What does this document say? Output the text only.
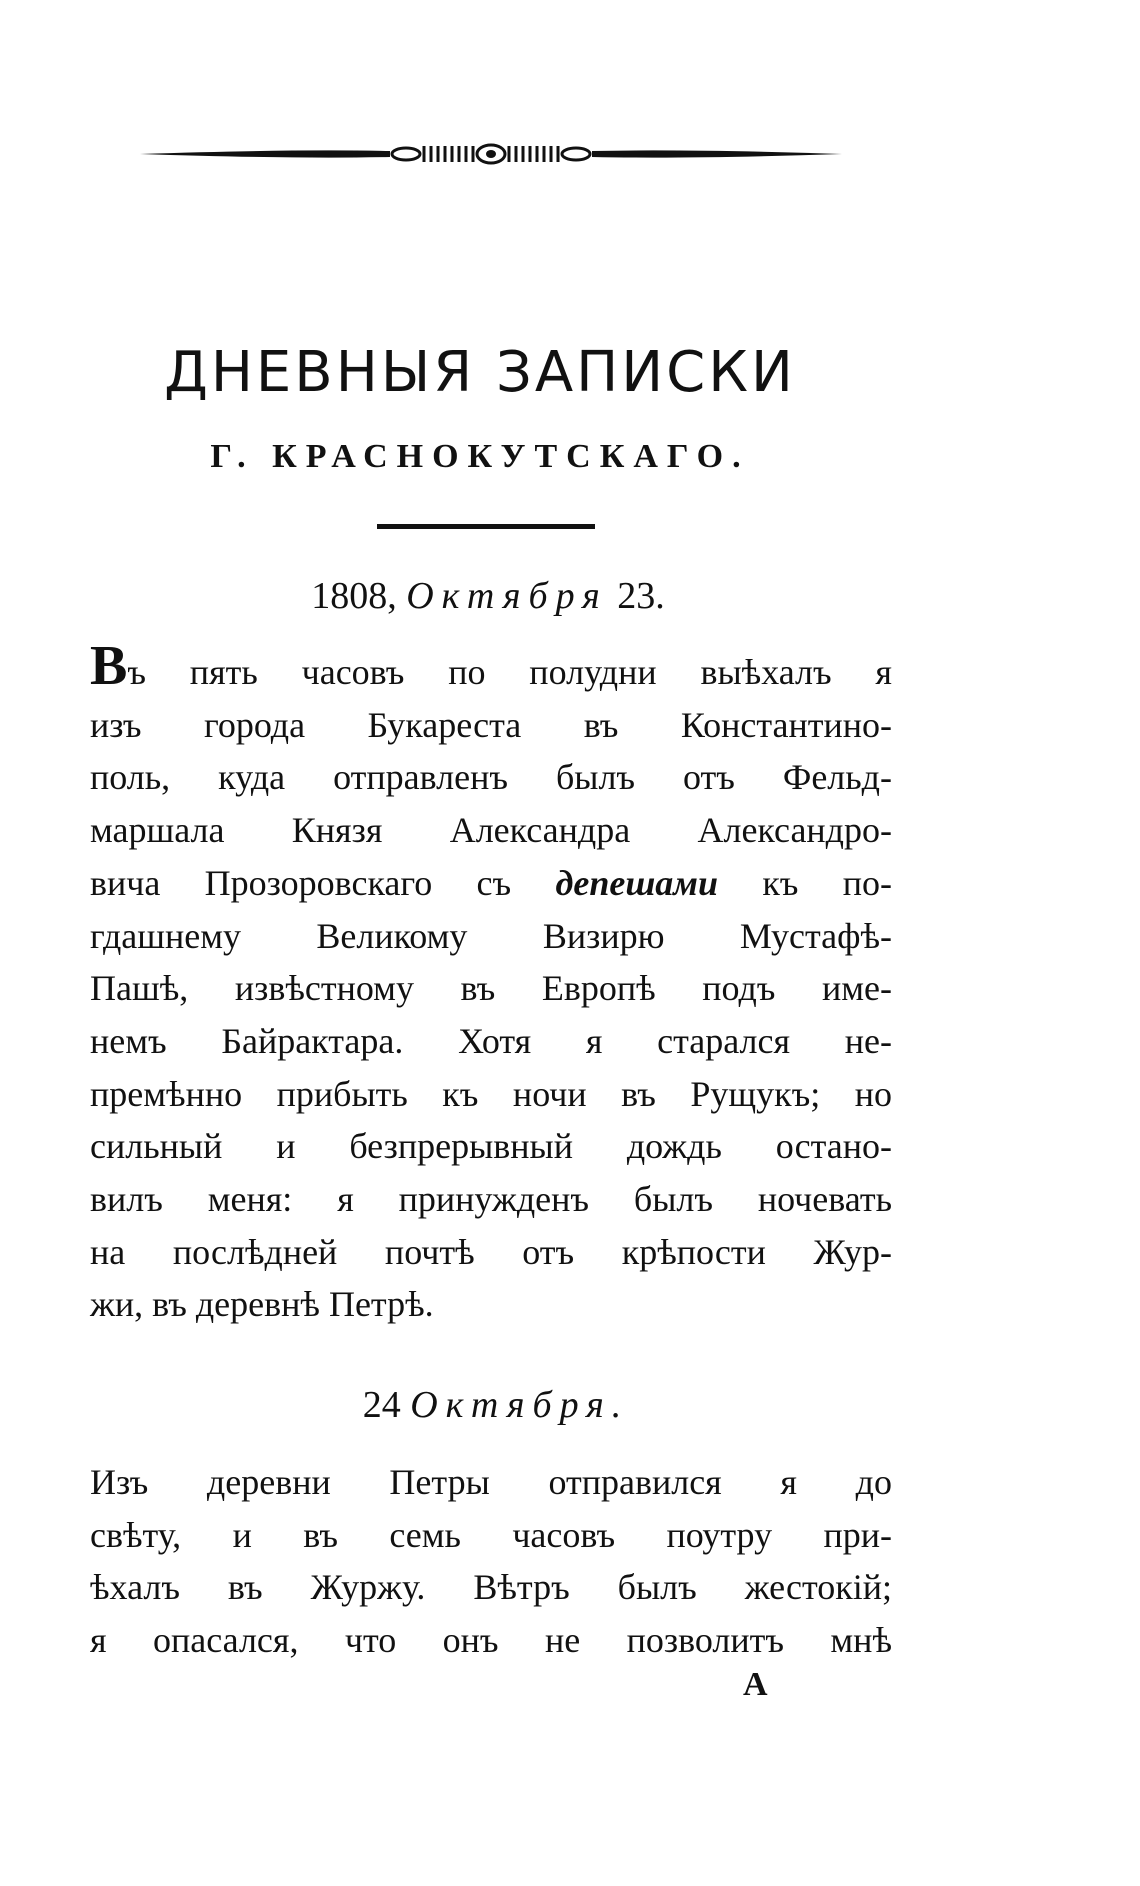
ДНЕВНЫЯ ЗАПИСКИ
Г. КРАСНОКУТСКАГО.

1808, Октября 23.

Въ пять часовъ по полудни выѣхалъ я
изъ города Букареста въ Константино-
поль, куда отправленъ былъ отъ Фельд-
маршала Князя Александра Александро-
вича Прозоровскаго съ депешами къ по-
гдашнему Великому Визирю Мустафѣ-
Пашѣ, извѣстному въ Европѣ подъ име-
немъ Байрактара. Хотя я старался не-
премѣнно прибыть къ ночи въ Рущукъ; но
сильный и безпрерывный дождь остано-
вилъ меня: я принужденъ былъ ночевать
на послѣдней почтѣ отъ крѣпости Жур-
жи, въ деревнѣ Петрѣ.

24 Октября.

Изъ деревни Петры отправился я до
свѣту, и въ семь часовъ поутру при-
ѣхалъ въ Журжу. Вѣтръ былъ жестокій;
я опасался, что онъ не позволитъ мнѣ

А
